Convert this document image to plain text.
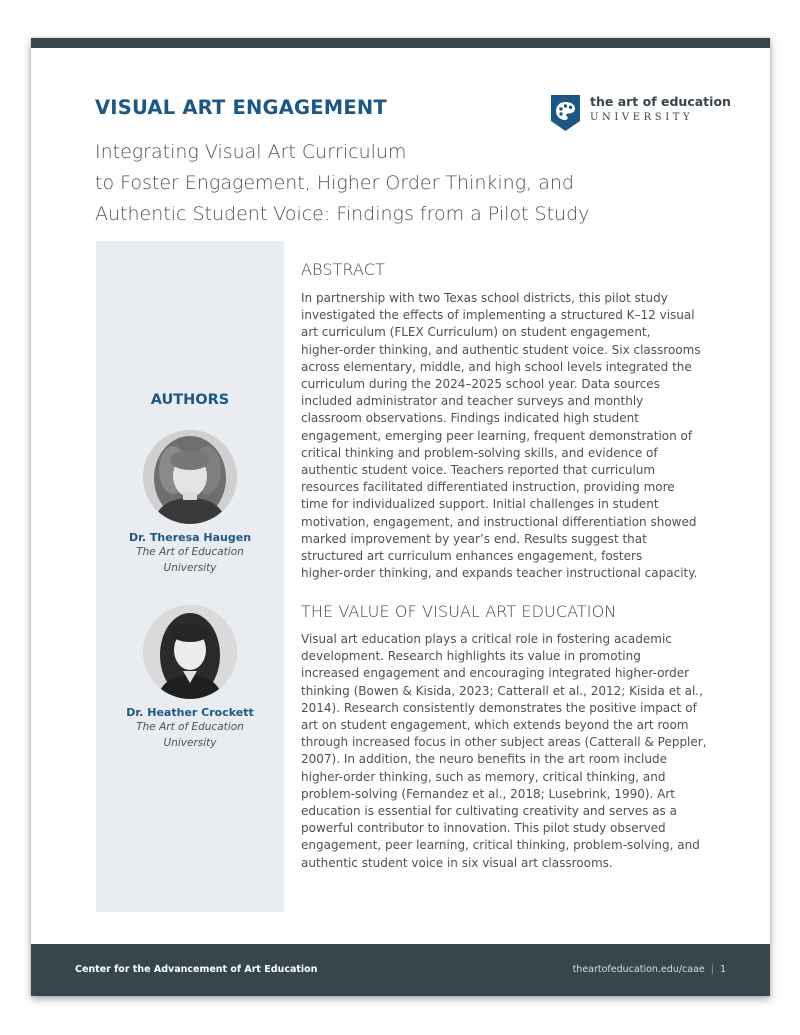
VISUAL ART ENGAGEMENT
Integrating Visual Art Curriculum
to Foster Engagement, Higher Order Thinking, and
Authentic Student Voice: Findings from a Pilot Study
the art of education
UNIVERSITY
AUTHORS
Dr. Theresa Haugen
The Art of Education
University
Dr. Heather Crockett
The Art of Education
University
ABSTRACT
In partnership with two Texas school districts, this pilot study
investigated the effects of implementing a structured K–12 visual
art curriculum (FLEX Curriculum) on student engagement,
higher-order thinking, and authentic student voice. Six classrooms
across elementary, middle, and high school levels integrated the
curriculum during the 2024–2025 school year. Data sources
included administrator and teacher surveys and monthly
classroom observations. Findings indicated high student
engagement, emerging peer learning, frequent demonstration of
critical thinking and problem-solving skills, and evidence of
authentic student voice. Teachers reported that curriculum
resources facilitated differentiated instruction, providing more
time for individualized support. Initial challenges in student
motivation, engagement, and instructional differentiation showed
marked improvement by year’s end. Results suggest that
structured art curriculum enhances engagement, fosters
higher-order thinking, and expands teacher instructional capacity.
THE VALUE OF VISUAL ART EDUCATION
Visual art education plays a critical role in fostering academic
development. Research highlights its value in promoting
increased engagement and encouraging integrated higher-order
thinking (Bowen & Kisida, 2023; Catterall et al., 2012; Kisida et al.,
2014). Research consistently demonstrates the positive impact of
art on student engagement, which extends beyond the art room
through increased focus in other subject areas (Catterall & Peppler,
2007). In addition, the neuro benefits in the art room include
higher-order thinking, such as memory, critical thinking, and
problem-solving (Fernandez et al., 2018; Lusebrink, 1990). Art
education is essential for cultivating creativity and serves as a
powerful contributor to innovation. This pilot study observed
engagement, peer learning, critical thinking, problem-solving, and
authentic student voice in six visual art classrooms.
Center for the Advancement of Art Education	theartofeducation.edu/caae | 1
